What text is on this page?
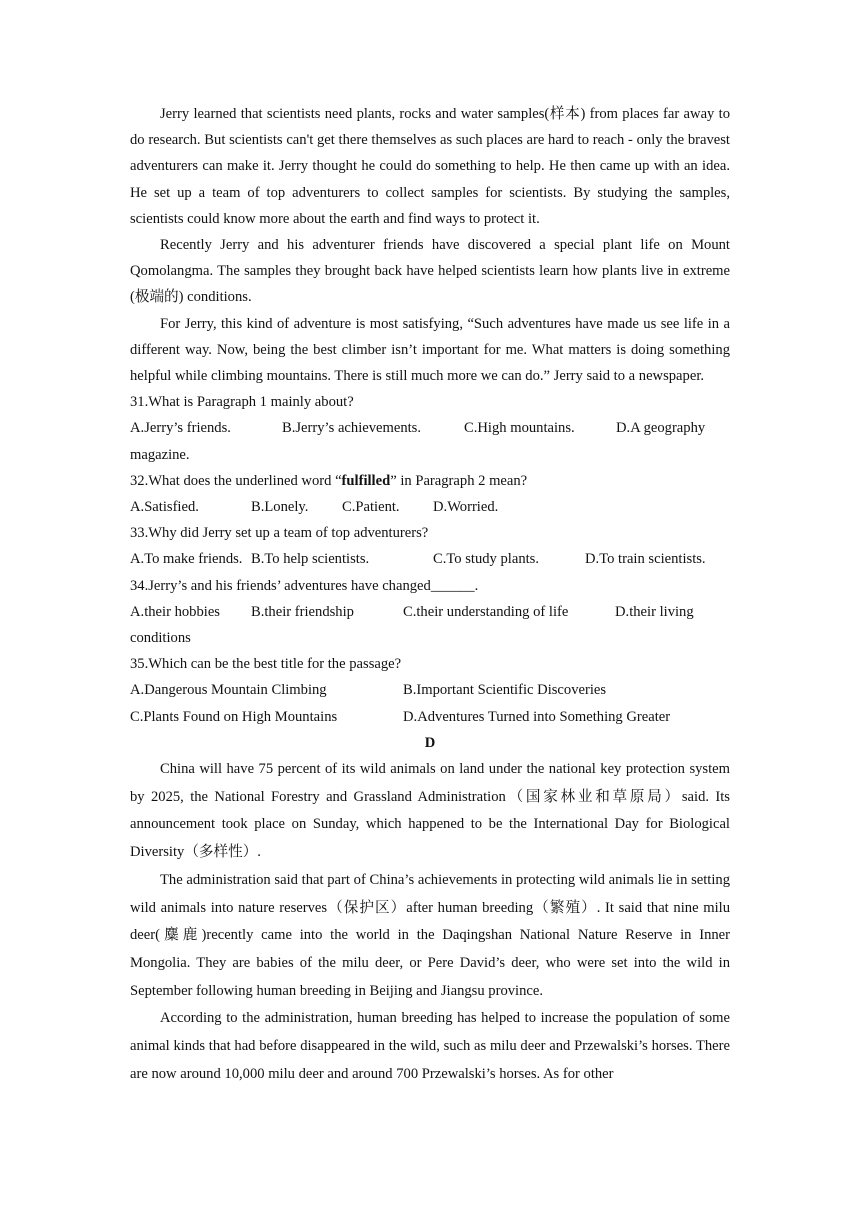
Jerry learned that scientists need plants, rocks and water samples(样本) from places far away to do research. But scientists can't get there themselves as such places are hard to reach - only the bravest adventurers can make it. Jerry thought he could do something to help. He then came up with an idea. He set up a team of top adventurers to collect samples for scientists. By studying the samples, scientists could know more about the earth and find ways to protect it.

Recently Jerry and his adventurer friends have discovered a special plant life on Mount Qomolangma. The samples they brought back have helped scientists learn how plants live in extreme (极端的) conditions.

For Jerry, this kind of adventure is most satisfying, “Such adventures have made us see life in a different way. Now, being the best climber isn’t important for me. What matters is doing something helpful while climbing mountains. There is still much more we can do.” Jerry said to a newspaper.

31.What is Paragraph 1 mainly about?

A.Jerry’s friends.	B.Jerry’s achievements.	C.High mountains.	D.A geography

magazine.

32.What does the underlined word “fulfilled” in Paragraph 2 mean?

A.Satisfied.	B.Lonely. C.Patient. D.Worried.

33.Why did Jerry set up a team of top adventurers?

A.To make friends. B.To help scientists.	C.To study plants.	D.To train scientists.

34.Jerry’s and his friends’ adventures have changed______.

A.their hobbies B.their friendship	C.their understanding of life	D.their living

conditions

35.Which can be the best title for the passage?

A.Dangerous Mountain Climbing	B.Important Scientific Discoveries
C.Plants Found on High Mountains	D.Adventures Turned into Something Greater

D

China will have 75 percent of its wild animals on land under the national key protection system by 2025, the National Forestry and Grassland Administration（国家林业和草原局）said. Its announcement took place on Sunday, which happened to be the International Day for Biological Diversity（多样性）.

The administration said that part of China’s achievements in protecting wild animals lie in setting wild animals into nature reserves（保护区）after human breeding（繁殖）. It said that nine milu deer(麋鹿)recently came into the world in the Daqingshan National Nature Reserve in Inner Mongolia. They are babies of the milu deer, or Pere David’s deer, who were set into the wild in September following human breeding in Beijing and Jiangsu province.

According to the administration, human breeding has helped to increase the population of some animal kinds that had before disappeared in the wild, such as milu deer and Przewalski’s horses. There are now around 10,000 milu deer and around 700 Przewalski’s horses. As for other
